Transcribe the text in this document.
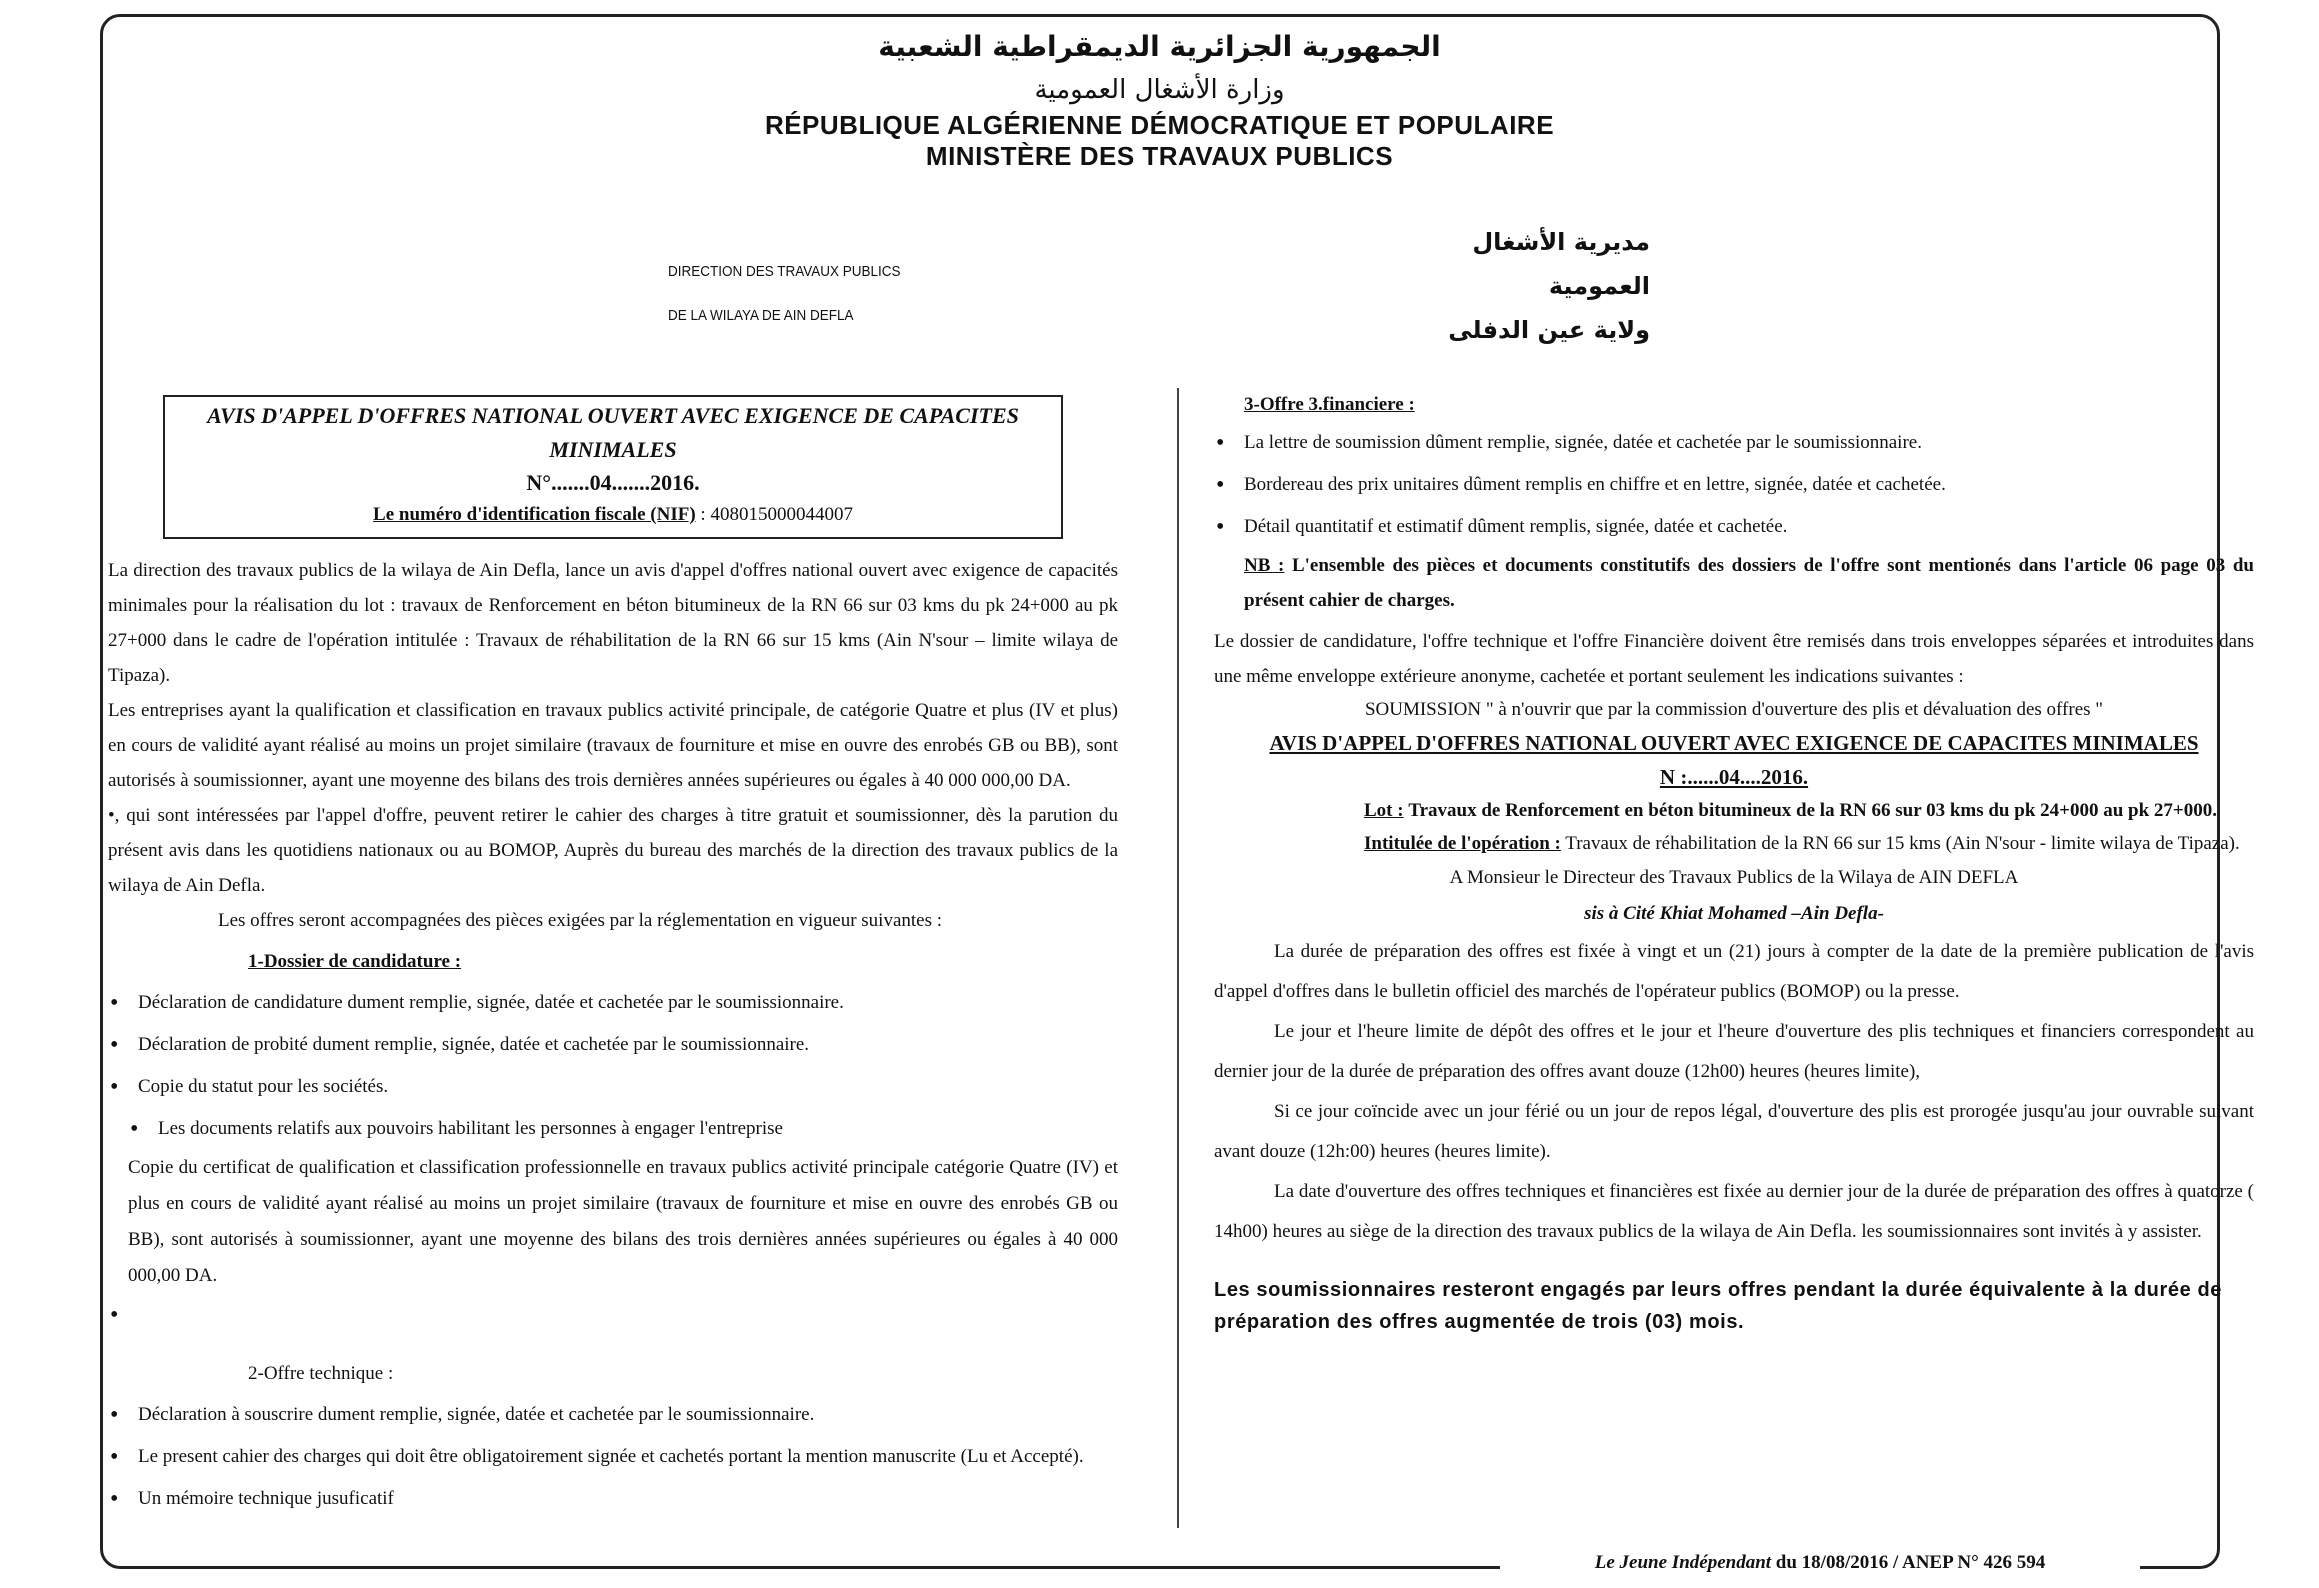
الجمهورية الجزائرية الديمقراطية الشعبية
وزارة الأشغال العمومية
RÉPUBLIQUE ALGÉRIENNE DÉMOCRATIQUE ET POPULAIRE
MINISTÈRE DES TRAVAUX PUBLICS
DIRECTION DES TRAVAUX PUBLICS
DE LA WILAYA DE AIN DEFLA
مديرية الأشغال العمومية
ولاية عين الدفلى
AVIS D'APPEL D'OFFRES NATIONAL OUVERT AVEC EXIGENCE DE CAPACITES MINIMALES
N°.......04.......2016.
Le numéro d'identification fiscale (NIF) : 408015000044007

La direction des travaux publics de la wilaya de Ain Defla, lance un avis d'appel d'offres national ouvert avec exigence de capacités minimales pour la réalisation du lot : travaux de Renforcement en béton bitumineux de la RN 66 sur 03 kms du pk 24+000 au pk 27+000 dans le cadre de l'opération intitulée : Travaux de réhabilitation de la RN 66 sur 15 kms (Ain N'sour – limite wilaya de Tipaza).

Les entreprises ayant la qualification et classification en travaux publics activité principale, de catégorie Quatre et plus (IV et plus) en cours de validité ayant réalisé au moins un projet similaire (travaux de fourniture et mise en ouvre des enrobés GB ou BB), sont autorisés à soumissionner, ayant une moyenne des bilans des trois dernières années supérieures ou égales à 40 000 000,00 DA.

•, qui sont intéressées par l'appel d'offre, peuvent retirer le cahier des charges à titre gratuit et soumissionner, dès la parution du présent avis dans les quotidiens nationaux ou au BOMOP, Auprès du bureau des marchés de la direction des travaux publics de la wilaya de Ain Defla.

Les offres seront accompagnées des pièces exigées par la réglementation en vigueur suivantes :

1-Dossier de candidature :
• Déclaration de candidature dument remplie, signée, datée et cachetée par le soumissionnaire.
• Déclaration de probité dument remplie, signée, datée et cachetée par le soumissionnaire.
• Copie du statut pour les sociétés.
• Les documents relatifs aux pouvoirs habilitant les personnes à engager l'entreprise
Copie du certificat de qualification et classification professionnelle en travaux publics activité principale catégorie Quatre (IV) et plus en cours de validité ayant réalisé au moins un projet similaire (travaux de fourniture et mise en ouvre des enrobés GB ou BB), sont autorisés à soumissionner, ayant une moyenne des bilans des trois dernières années supérieures ou égales à 40 000 000,00 DA.
•
2-Offre technique :
• Déclaration à souscrire dument remplie, signée, datée et cachetée par le soumissionnaire.
• Le present cahier des charges qui doit être obligatoirement signée et cachetés portant la mention manuscrite (Lu et Accepté).
• Un mémoire technique jusuficatif
3-Offre 3.financiere :
• La lettre de soumission dûment remplie, signée, datée et cachetée par le soumissionnaire.
• Bordereau des prix unitaires dûment remplis en chiffre et en lettre, signée, datée et cachetée.
• Détail quantitatif et estimatif dûment remplis, signée, datée et cachetée.

NB : L'ensemble des pièces et documents constitutifs des dossiers de l'offre sont mentionés dans l'article 06 page 03 du présent cahier de charges.

Le dossier de candidature, l'offre technique et l'offre Financière doivent être remisés dans trois enveloppes séparées et introduites dans une même enveloppe extérieure anonyme, cachetée et portant seulement les indications suivantes :

SOUMISSION " à n'ouvrir que par la commission d'ouverture des plis et dévaluation des offres "
AVIS D'APPEL D'OFFRES NATIONAL OUVERT AVEC EXIGENCE DE CAPACITES MINIMALES
N :......04....2016.
Lot : Travaux de Renforcement en béton bitumineux de la RN 66 sur 03 kms du pk 24+000 au pk 27+000.
Intitulée de l'opération : Travaux de réhabilitation de la RN 66 sur 15 kms (Ain N'sour - limite wilaya de Tipaza).
A Monsieur le Directeur des Travaux Publics de la Wilaya de AIN DEFLA
sis à Cité Khiat Mohamed –Ain Defla-

La durée de préparation des offres est fixée à vingt et un (21) jours à compter de la date de la première publication de l'avis d'appel d'offres dans le bulletin officiel des marchés de l'opérateur publics (BOMOP) ou la presse.

Le jour et l'heure limite de dépôt des offres et le jour et l'heure d'ouverture des plis techniques et financiers correspondent au dernier jour de la durée de préparation des offres avant douze (12h00) heures (heures limite),

Si ce jour coïncide avec un jour férié ou un jour de repos légal, d'ouverture des plis est prorogée jusqu'au jour ouvrable suivant avant douze (12h:00) heures (heures limite).

La date d'ouverture des offres techniques et financières est fixée au dernier jour de la durée de préparation des offres à quatorze ( 14h00) heures au siège de la direction des travaux publics de la wilaya de Ain Defla. les soumissionnaires sont invités à y assister.

Les soumissionnaires resteront engagés par leurs offres pendant la durée équivalente à la durée de préparation des offres augmentée de trois (03) mois.
Le Jeune Indépendant du 18/08/2016 / ANEP N° 426 594
